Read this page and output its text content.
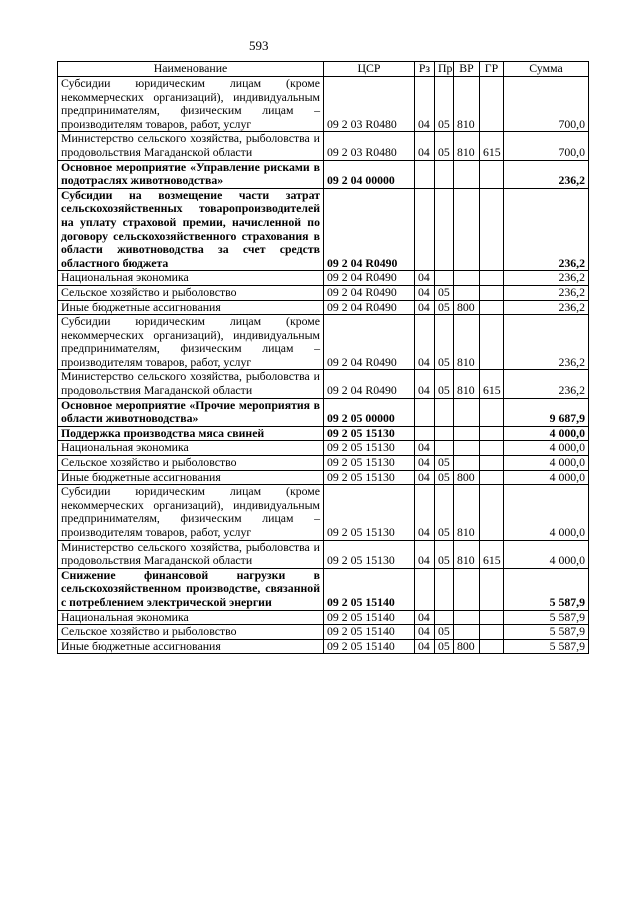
593
Наименование	ЦСР	Рз	Пр	ВР	ГР	Сумма
Субсидии юридическим лицам (кроме некоммерческих организаций), индивидуальным предпринимателям, физическим лицам – производителям товаров, работ, услуг	09 2 03 R0480	04	05	810		700,0
Министерство сельского хозяйства, рыболовства и продовольствия Магаданской области	09 2 03 R0480	04	05	810	615	700,0
Основное мероприятие «Управление рисками в подотраслях животноводства»	09 2 04 00000					236,2
Субсидии на возмещение части затрат сельскохозяйственных товаропроизводителей на уплату страховой премии, начисленной по договору сельскохозяйственного страхования в области животноводства за счет средств областного бюджета	09 2 04 R0490					236,2
Национальная экономика	09 2 04 R0490	04				236,2
Сельское хозяйство и рыболовство	09 2 04 R0490	04	05			236,2
Иные бюджетные ассигнования	09 2 04 R0490	04	05	800		236,2
Субсидии юридическим лицам (кроме некоммерческих организаций), индивидуальным предпринимателям, физическим лицам – производителям товаров, работ, услуг	09 2 04 R0490	04	05	810		236,2
Министерство сельского хозяйства, рыболовства и продовольствия Магаданской области	09 2 04 R0490	04	05	810	615	236,2
Основное мероприятие «Прочие мероприятия в области животноводства»	09 2 05 00000					9 687,9
Поддержка производства мяса свиней	09 2 05 15130					4 000,0
Национальная экономика	09 2 05 15130	04				4 000,0
Сельское хозяйство и рыболовство	09 2 05 15130	04	05			4 000,0
Иные бюджетные ассигнования	09 2 05 15130	04	05	800		4 000,0
Субсидии юридическим лицам (кроме некоммерческих организаций), индивидуальным предпринимателям, физическим лицам – производителям товаров, работ, услуг	09 2 05 15130	04	05	810		4 000,0
Министерство сельского хозяйства, рыболовства и продовольствия Магаданской области	09 2 05 15130	04	05	810	615	4 000,0
Снижение финансовой нагрузки в сельскохозяйственном производстве, связанной с потреблением электрической энергии	09 2 05 15140					5 587,9
Национальная экономика	09 2 05 15140	04				5 587,9
Сельское хозяйство и рыболовство	09 2 05 15140	04	05			5 587,9
Иные бюджетные ассигнования	09 2 05 15140	04	05	800		5 587,9
